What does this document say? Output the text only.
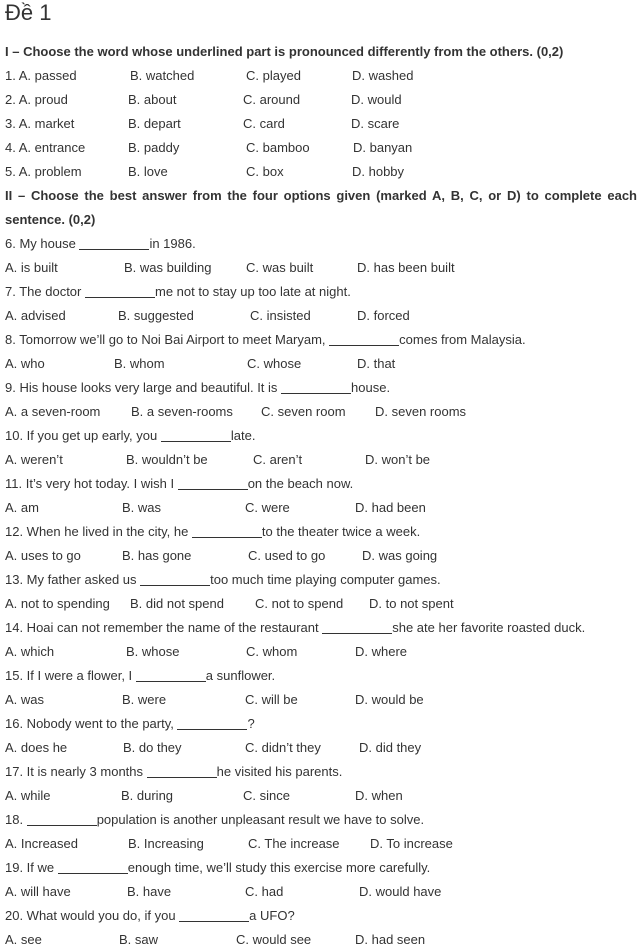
Đề 1
I – Choose the word whose underlined part is pronounced differently from the others. (0,2)
1. A. passed	B. watched	C. played	D. washed
2. A. proud	B. about	C. around	D. would
3. A. market	B. depart	C. card	D. scare
4. A. entrance	B. paddy	C. bamboo	D. banyan
5. A. problem	B. love	C. box	D. hobby
II – Choose the best answer from the four options given (marked A, B, C, or D) to complete each sentence. (0,2)
6. My house	in 1986.
A. is built	B. was building	C. was built	D. has been built
7. The doctor	me not to stay up too late at night.
A. advised	B. suggested	C. insisted	D. forced
8. Tomorrow we’ll go to Noi Bai Airport to meet Maryam,	comes from Malaysia.
A. who	B. whom	C. whose	D. that
9. His house looks very large and beautiful. It is	house.
A. a seven-room B. a seven-rooms C. seven room D. seven rooms
10. If you get up early, you	late.
A. weren’t	B. wouldn’t be	C. aren’t	D. won’t be
11. It’s very hot today. I wish I	on the beach now.
A. am	B. was	C. were	D. had been
12. When he lived in the city, he	to the theater twice a week.
A. uses to go	B. has gone	C. used to go	D. was going
13. My father asked us	too much time playing computer games.
A. not to spending B. did not spend C. not to spend D. to not spent
14. Hoai can not remember the name of the restaurant	she ate her favorite roasted duck.
A. which	B. whose	C. whom	D. where
15. If I were a flower, I	a sunflower.
A. was	B. were	C. will be	D. would be
16. Nobody went to the party,	?
A. does he	B. do they	C. didn’t they	D. did they
17. It is nearly 3 months	he visited his parents.
A. while	B. during	C. since	D. when
18.	population is another unpleasant result we have to solve.
A. Increased	B. Increasing	C. The increase D. To increase
19. If we	enough time, we’ll study this exercise more carefully.
A. will have	B. have	C. had	D. would have
20. What would you do, if you	a UFO?
A. see	B. saw	C. would see	D. had seen
